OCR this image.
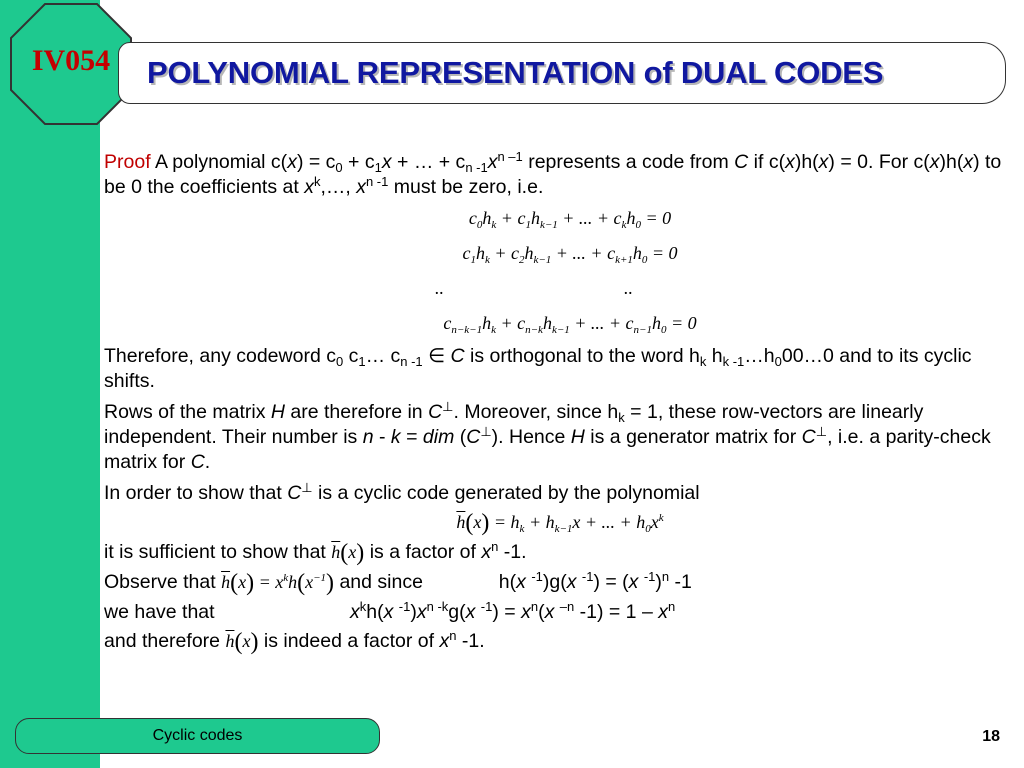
IV054	POLYNOMIAL REPRESENTATION of DUAL CODES

Proof A polynomial $c(x) = c_0 + c_1x$ + … + $c_{n -1}x^{n -1}$ represents a code from C if c(x)h(x) = 0. For c(x)h(x) to be 0 the coefficients at $x^k,\dots$, $x^{n -1}$ must be zero, i.e.

$c_0h_k + c_1h_{k-1}$ + ... + $c_kh_0 = 0$
$c_1h_k + c_2h_{k-1}$ + ... + $c_{k+1}h_0 = 0$
..                                        ..
$c_{n-k-1}h_k + c_{n-k}h_{k-1}$ + ... + $c_{n-1}h_0 = 0$

Therefore, any codeword $c_0$ $c_1\dots$ $c_{n -1}$ ∈ C is orthogonal to the word $h_k$ $h_{k -1}\dots h_000\dots 0$ and to its cyclic shifts.

Rows of the matrix H are therefore in C⊥. Moreover, since $h_k = 1$, these row-vectors are linearly independent. Their number is n - k = dim (C⊥). Hence H is a generator matrix for C⊥, i.e. a parity-check matrix for C.

In order to show that C⊥ is a cyclic code generated by the polynomial

$\overline{h}(x) = h_k + h_{k-1}x$ + ... + $h_0x^k$

it is sufficient to show that $\overline{h}(x)$ is a factor of $x^n$ -1.

Observe that $\overline{h}(x) = x^kh(x^{-1})$ and since	h(x $^{-1}$)g(x $^{-1}$) = (x $^{-1}$)$^n$ -1

we have that	$x^kh(x$ $^{-1})x^{n -k}g(x$ $^{-1}) = x^n(x$ $^{-n}$ $-1) = 1 - x^n$

and therefore $\overline{h}(x)$ is indeed a factor of $x^n$ -1.

Cyclic codes	18
